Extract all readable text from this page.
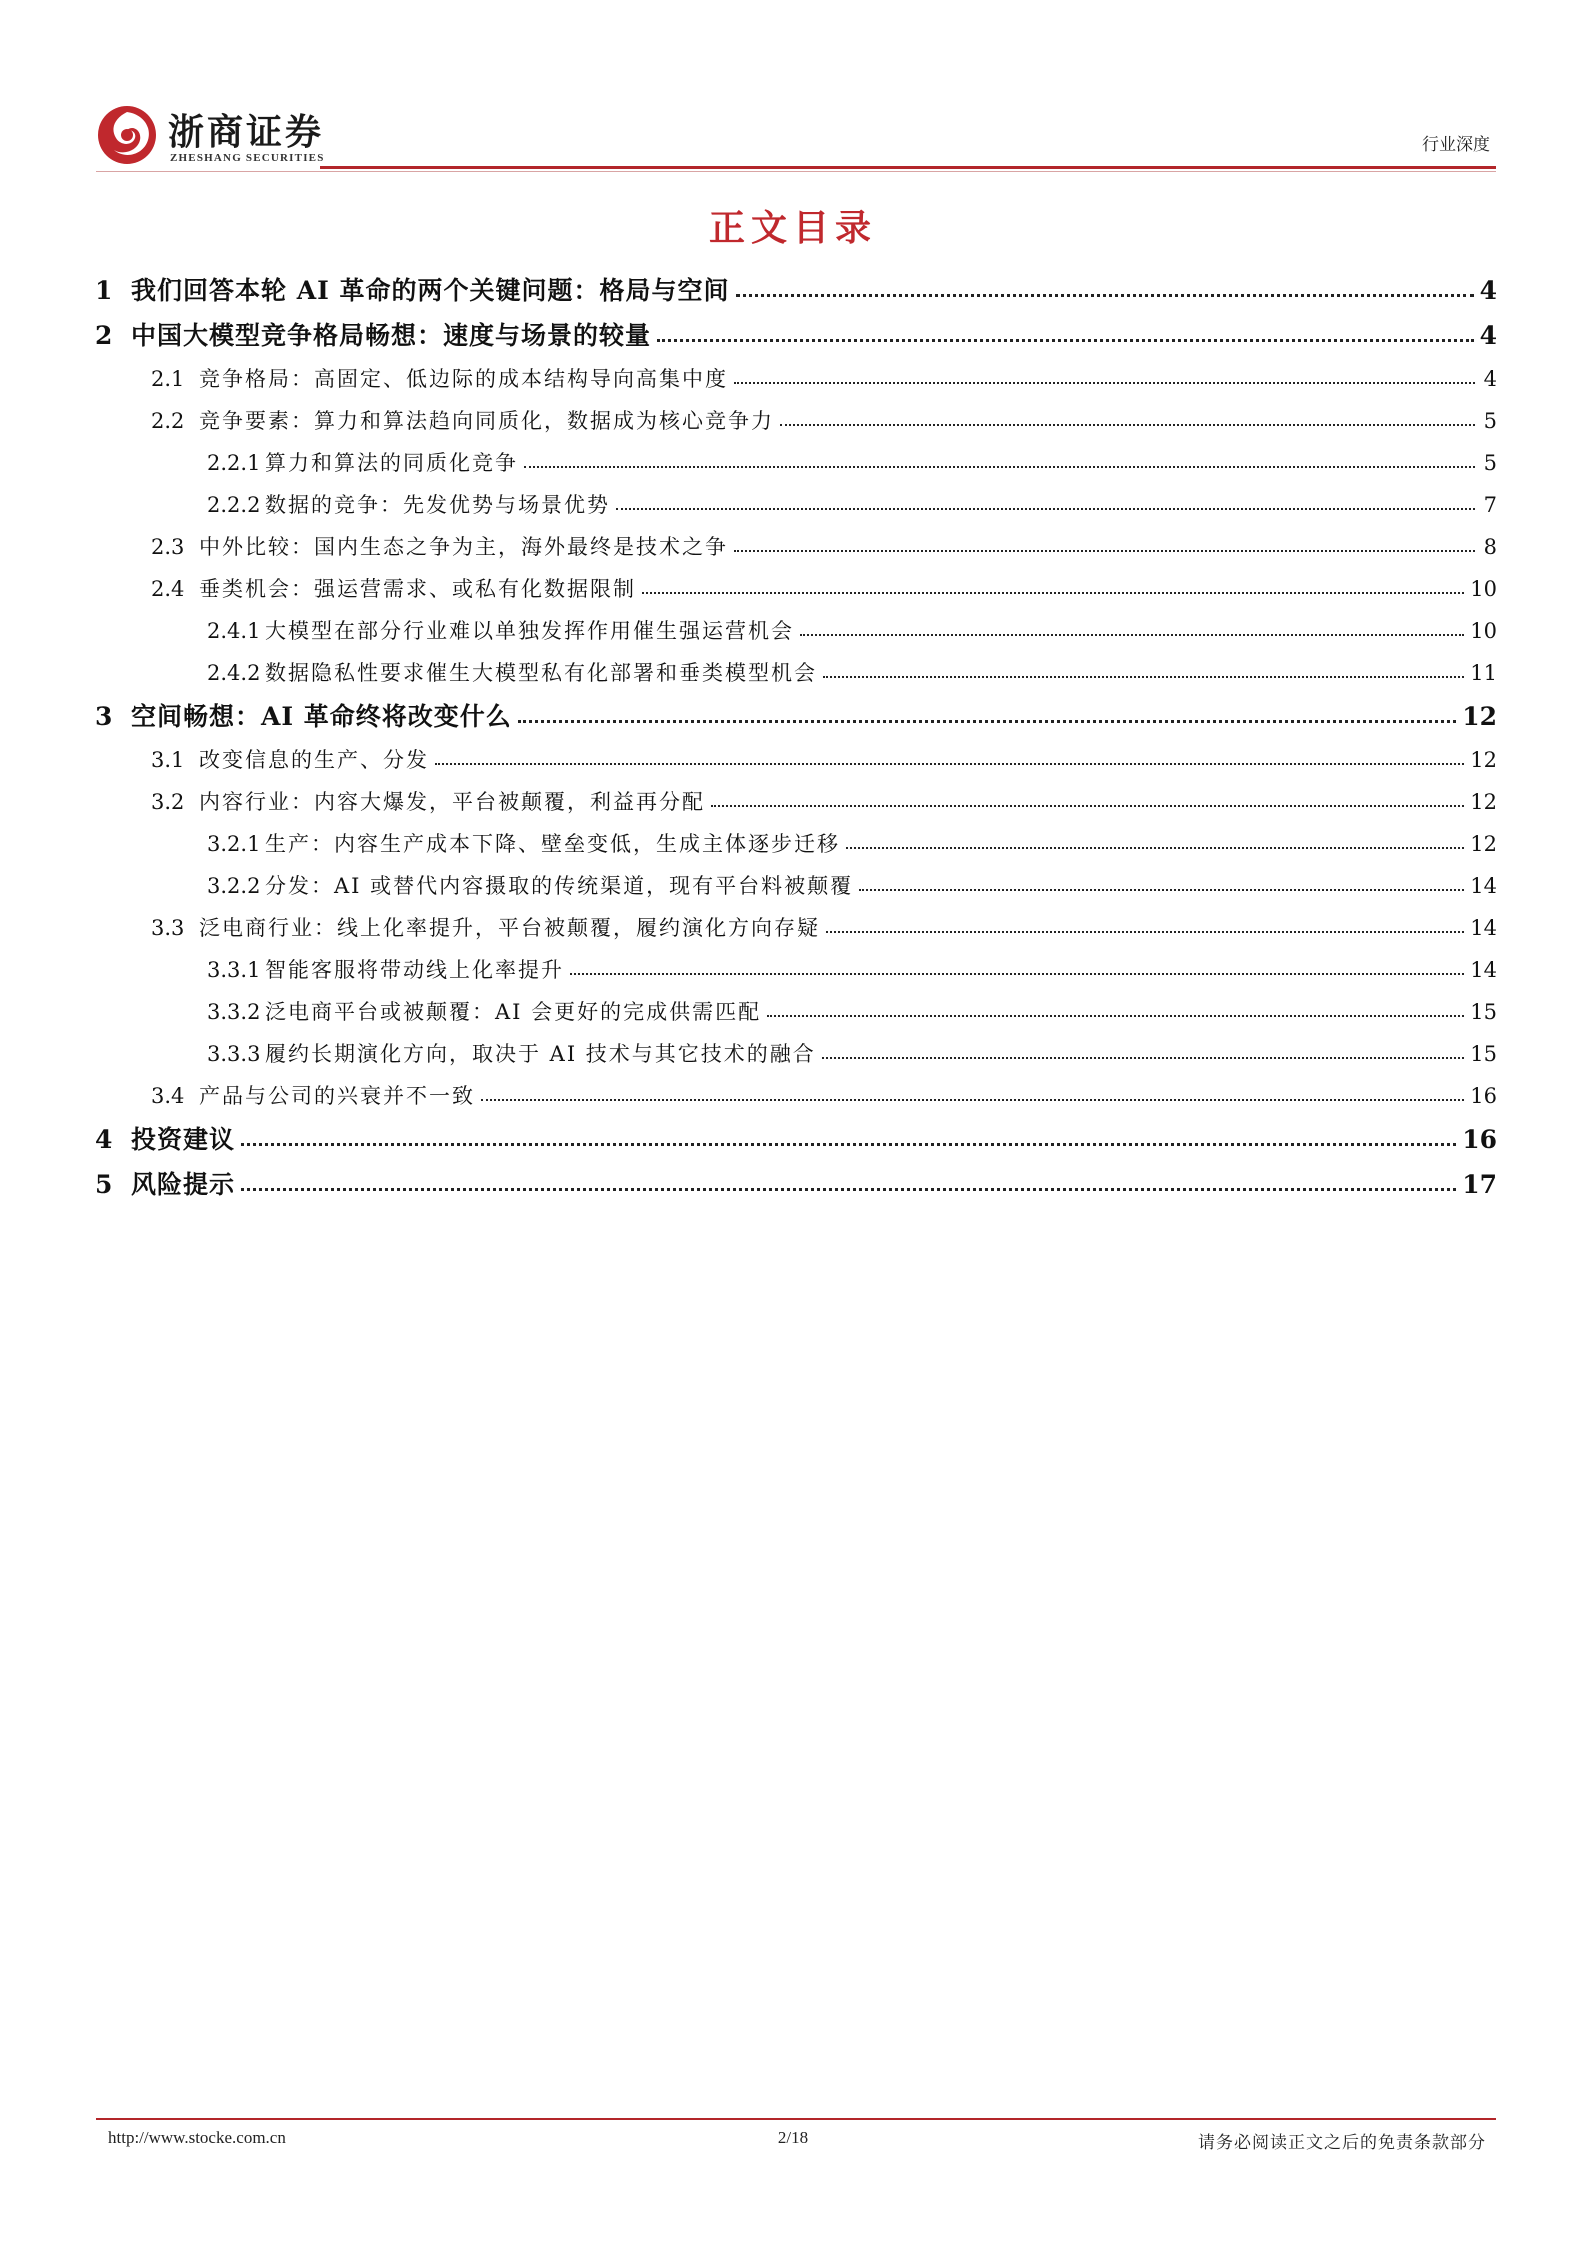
浙商证券
ZHESHANG SECURITIES
行业深度
正文目录
1 我们回答本轮 AI 革命的两个关键问题：格局与空间	4
2 中国大模型竞争格局畅想：速度与场景的较量	4
2.1 竞争格局：高固定、低边际的成本结构导向高集中度	4
2.2 竞争要素：算力和算法趋向同质化，数据成为核心竞争力	5
2.2.1 算力和算法的同质化竞争	5
2.2.2 数据的竞争：先发优势与场景优势	7
2.3 中外比较：国内生态之争为主，海外最终是技术之争	8
2.4 垂类机会：强运营需求、或私有化数据限制	10
2.4.1 大模型在部分行业难以单独发挥作用催生强运营机会	10
2.4.2 数据隐私性要求催生大模型私有化部署和垂类模型机会	11
3 空间畅想：AI 革命终将改变什么	12
3.1 改变信息的生产、分发	12
3.2 内容行业：内容大爆发，平台被颠覆，利益再分配	12
3.2.1 生产：内容生产成本下降、壁垒变低，生成主体逐步迁移	12
3.2.2 分发：AI 或替代内容摄取的传统渠道，现有平台料被颠覆	14
3.3 泛电商行业：线上化率提升，平台被颠覆，履约演化方向存疑	14
3.3.1 智能客服将带动线上化率提升	14
3.3.2 泛电商平台或被颠覆：AI 会更好的完成供需匹配	15
3.3.3 履约长期演化方向，取决于 AI 技术与其它技术的融合	15
3.4 产品与公司的兴衰并不一致	16
4 投资建议	16
5 风险提示	17
http://www.stocke.com.cn	2/18	请务必阅读正文之后的免责条款部分
